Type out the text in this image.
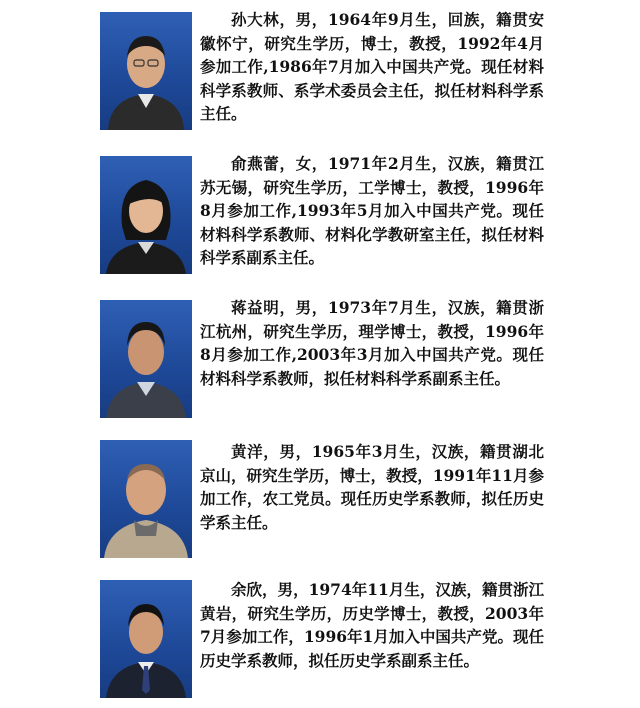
孙大林，男，1964年9月生，回族，籍贯安徽怀宁，研究生学历，博士，教授，1992年4月参加工作,1986年7月加入中国共产党。现任材料科学系教师、系学术委员会主任，拟任材料科学系主任。

俞燕蕾，女，1971年2月生，汉族，籍贯江苏无锡，研究生学历，工学博士，教授，1996年8月参加工作,1993年5月加入中国共产党。现任材料科学系教师、材料化学教研室主任，拟任材料科学系副系主任。

蒋益明，男，1973年7月生，汉族，籍贯浙江杭州，研究生学历，理学博士，教授，1996年8月参加工作,2003年3月加入中国共产党。现任材料科学系教师，拟任材料科学系副系主任。

黄洋，男，1965年3月生，汉族，籍贯湖北京山，研究生学历，博士，教授，1991年11月参加工作，农工党员。现任历史学系教师，拟任历史学系主任。

余欣，男，1974年11月生，汉族，籍贯浙江黄岩，研究生学历，历史学博士，教授，2003年7月参加工作，1996年1月加入中国共产党。现任历史学系教师，拟任历史学系副系主任。
